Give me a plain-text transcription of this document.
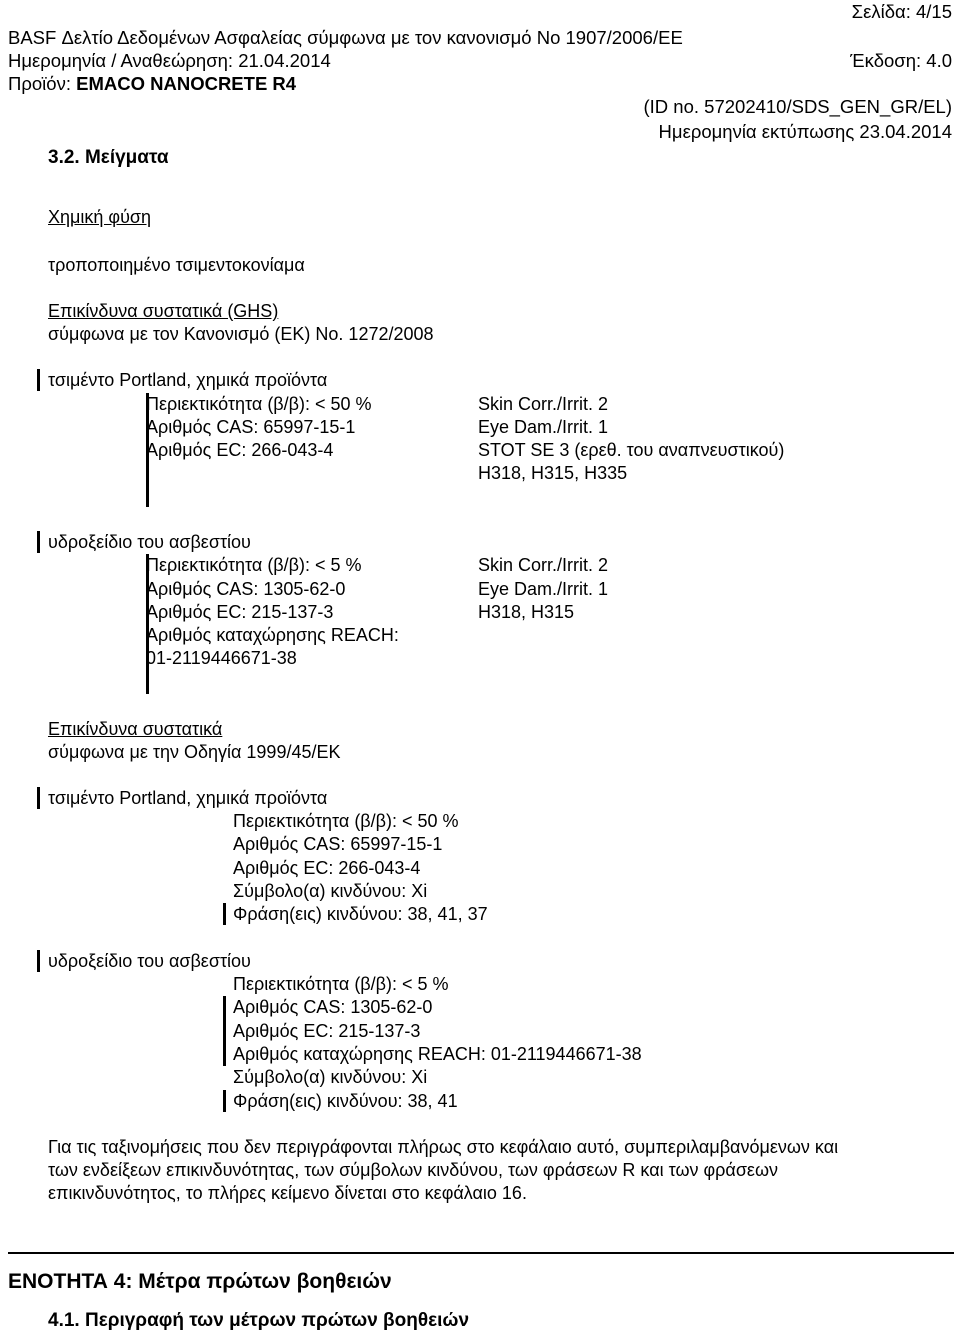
Σελίδα: 4/15
BASF Δελτίο Δεδομένων Ασφαλείας σύμφωνα με τον κανονισμό No 1907/2006/EE
Ημερομηνία / Αναθεώρηση: 21.04.2014	Έκδοση: 4.0
Προϊόν: EMACO NANOCRETE R4
(ID no. 57202410/SDS_GEN_GR/EL)
Ημερομηνία εκτύπωσης 23.04.2014
3.2. Μείγματα
Χημική φύση
τροποποιημένο τσιμεντοκονίαμα
Επικίνδυνα συστατικά (GHS)
σύμφωνα με τον Κανονισμό (ΕΚ) No. 1272/2008
τσιμέντο Portland, χημικά προϊόντα
Περιεκτικότητα (β/β): < 50 %
Αριθμός CAS: 65997-15-1
Αριθμός EC: 266-043-4
Skin Corr./Irrit. 2
Eye Dam./Irrit. 1
STOT SE 3 (ερεθ. του αναπνευστικού)
H318, H315, H335
υδροξείδιο του ασβεστίου
Περιεκτικότητα (β/β): < 5 %
Αριθμός CAS: 1305-62-0
Αριθμός EC: 215-137-3
Αριθμός καταχώρησης REACH:
01-2119446671-38
Skin Corr./Irrit. 2
Eye Dam./Irrit. 1
H318, H315
Επικίνδυνα συστατικά
σύμφωνα με την Οδηγία 1999/45/ΕΚ
τσιμέντο Portland, χημικά προϊόντα
Περιεκτικότητα (β/β): < 50 %
Αριθμός CAS: 65997-15-1
Αριθμός EC: 266-043-4
Σύμβολο(α) κινδύνου: Xi
Φράση(εις) κινδύνου: 38, 41, 37
υδροξείδιο του ασβεστίου
Περιεκτικότητα (β/β): < 5 %
Αριθμός CAS: 1305-62-0
Αριθμός EC: 215-137-3
Αριθμός καταχώρησης REACH: 01-2119446671-38
Σύμβολο(α) κινδύνου: Xi
Φράση(εις) κινδύνου: 38, 41
Για τις ταξινομήσεις που δεν περιγράφονται πλήρως στο κεφάλαιο αυτό, συμπεριλαμβανόμενων και
των ενδείξεων επικινδυνότητας, των σύμβολων κινδύνου, των φράσεων R και των φράσεων
επικινδυνότητος, το πλήρες κείμενο δίνεται στο κεφάλαιο 16.
ΕΝΟΤΗΤΑ 4: Μέτρα πρώτων βοηθειών
4.1. Περιγραφή των μέτρων πρώτων βοηθειών
